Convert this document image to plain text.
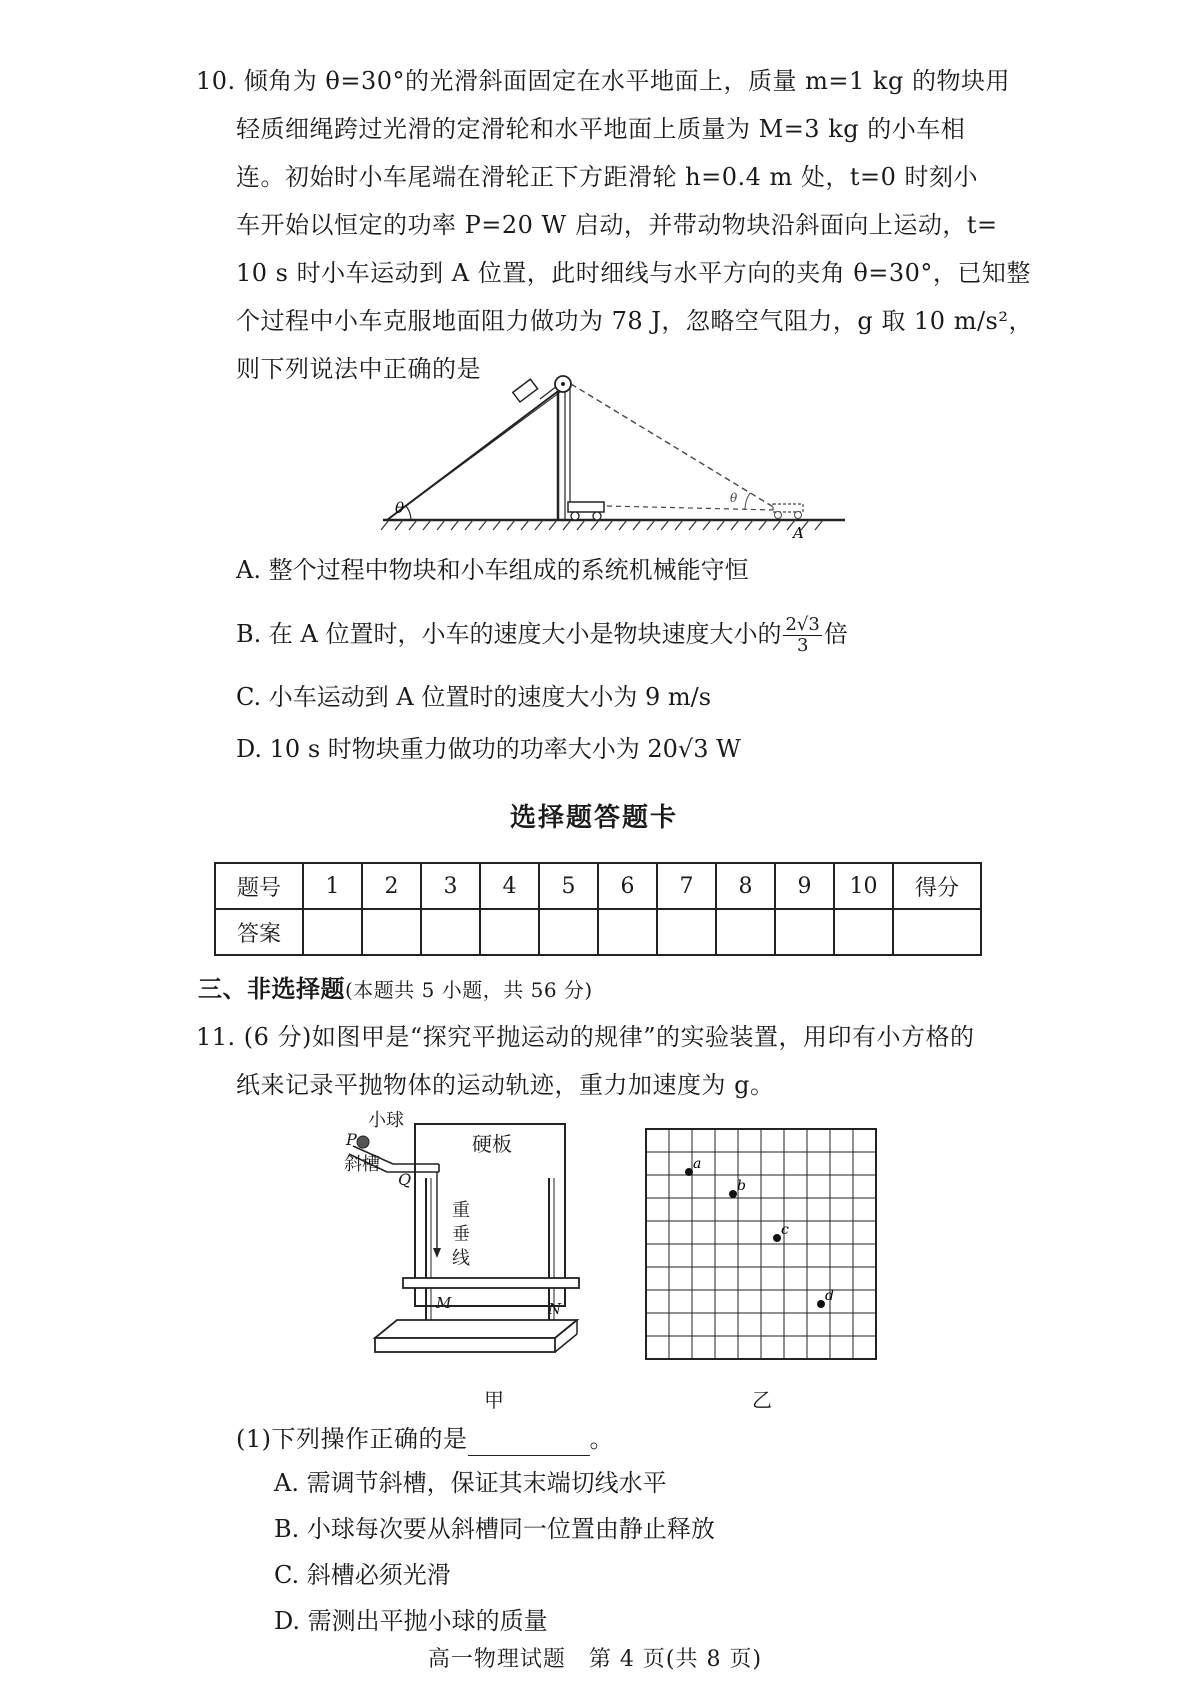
10. 倾角为 θ=30°的光滑斜面固定在水平地面上，质量 m=1 kg 的物块用
轻质细绳跨过光滑的定滑轮和水平地面上质量为 M=3 kg 的小车相
连。初始时小车尾端在滑轮正下方距滑轮 h=0.4 m 处，t=0 时刻小
车开始以恒定的功率 P=20 W 启动，并带动物块沿斜面向上运动，t=
10 s 时小车运动到 A 位置，此时细线与水平方向的夹角 θ=30°，已知整
个过程中小车克服地面阻力做功为 78 J，忽略空气阻力，g 取 10 m/s²，
则下列说法中正确的是
θ
θ
A
A. 整个过程中物块和小车组成的系统机械能守恒
B. 在 A 位置时，小车的速度大小是物块速度大小的 $\frac{2√3}{3}$ 倍
C. 小车运动到 A 位置时的速度大小为 9 m/s
D. 10 s 时物块重力做功的功率大小为 20√3 W
选择题答题卡
题号	1	2	3	4	5	6	7	8	9	10	得分
答案											
三、非选择题(本题共 5 小题，共 56 分)
11. (6 分)如图甲是“探究平抛运动的规律”的实验装置，用印有小方格的
纸来记录平抛物体的运动轨迹，重力加速度为 g。
小球
P
斜槽
Q
硬板
重
垂
线
M	N
甲
a
b
c
d
乙
(1)下列操作正确的是	。
A. 需调节斜槽，保证其末端切线水平
B. 小球每次要从斜槽同一位置由静止释放
C. 斜槽必须光滑
D. 需测出平抛小球的质量
高一物理试题　第 4 页(共 8 页)
